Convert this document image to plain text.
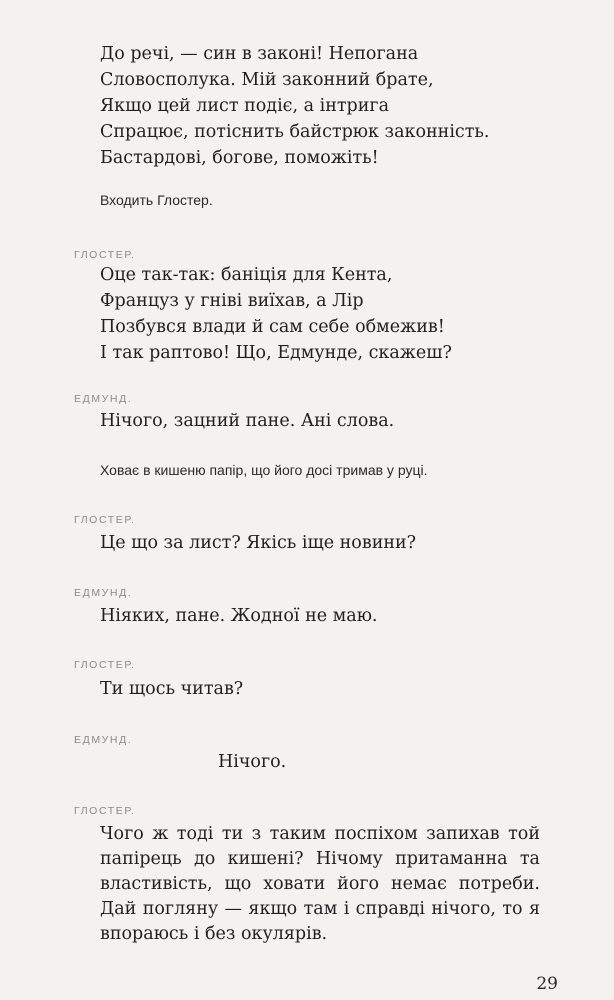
До речі, — син в законі! Непогана
Словосполука. Мій законний брате,
Якщо цей лист подіє, а інтрига
Спрацює, потіснить байстрюк законність.
Бастардові, богове, поможіть!
Входить Глостер.
ГЛОСТЕР.
Оце так-так: баніція для Кента,
Француз у гніві виїхав, а Лір
Позбувся влади й сам себе обмежив!
І так раптово! Що, Едмунде, скажеш?
ЕДМУНД.
Нічого, зацний пане. Ані слова.
Ховає в кишеню папір, що його досі тримав у руці.
ГЛОСТЕР.
Це що за лист? Якісь іще новини?
ЕДМУНД.
Ніяких, пане. Жодної не маю.
ГЛОСТЕР.
Ти щось читав?
ЕДМУНД.
Нічого.
ГЛОСТЕР.

Чого ж тоді ти з таким поспіхом запихав той папірець до кишені? Нічому притаманна та властивість, що ховати його немає потреби. Дай погляну — якщо там і справді нічого, то я впораюсь і без окулярів.

29
